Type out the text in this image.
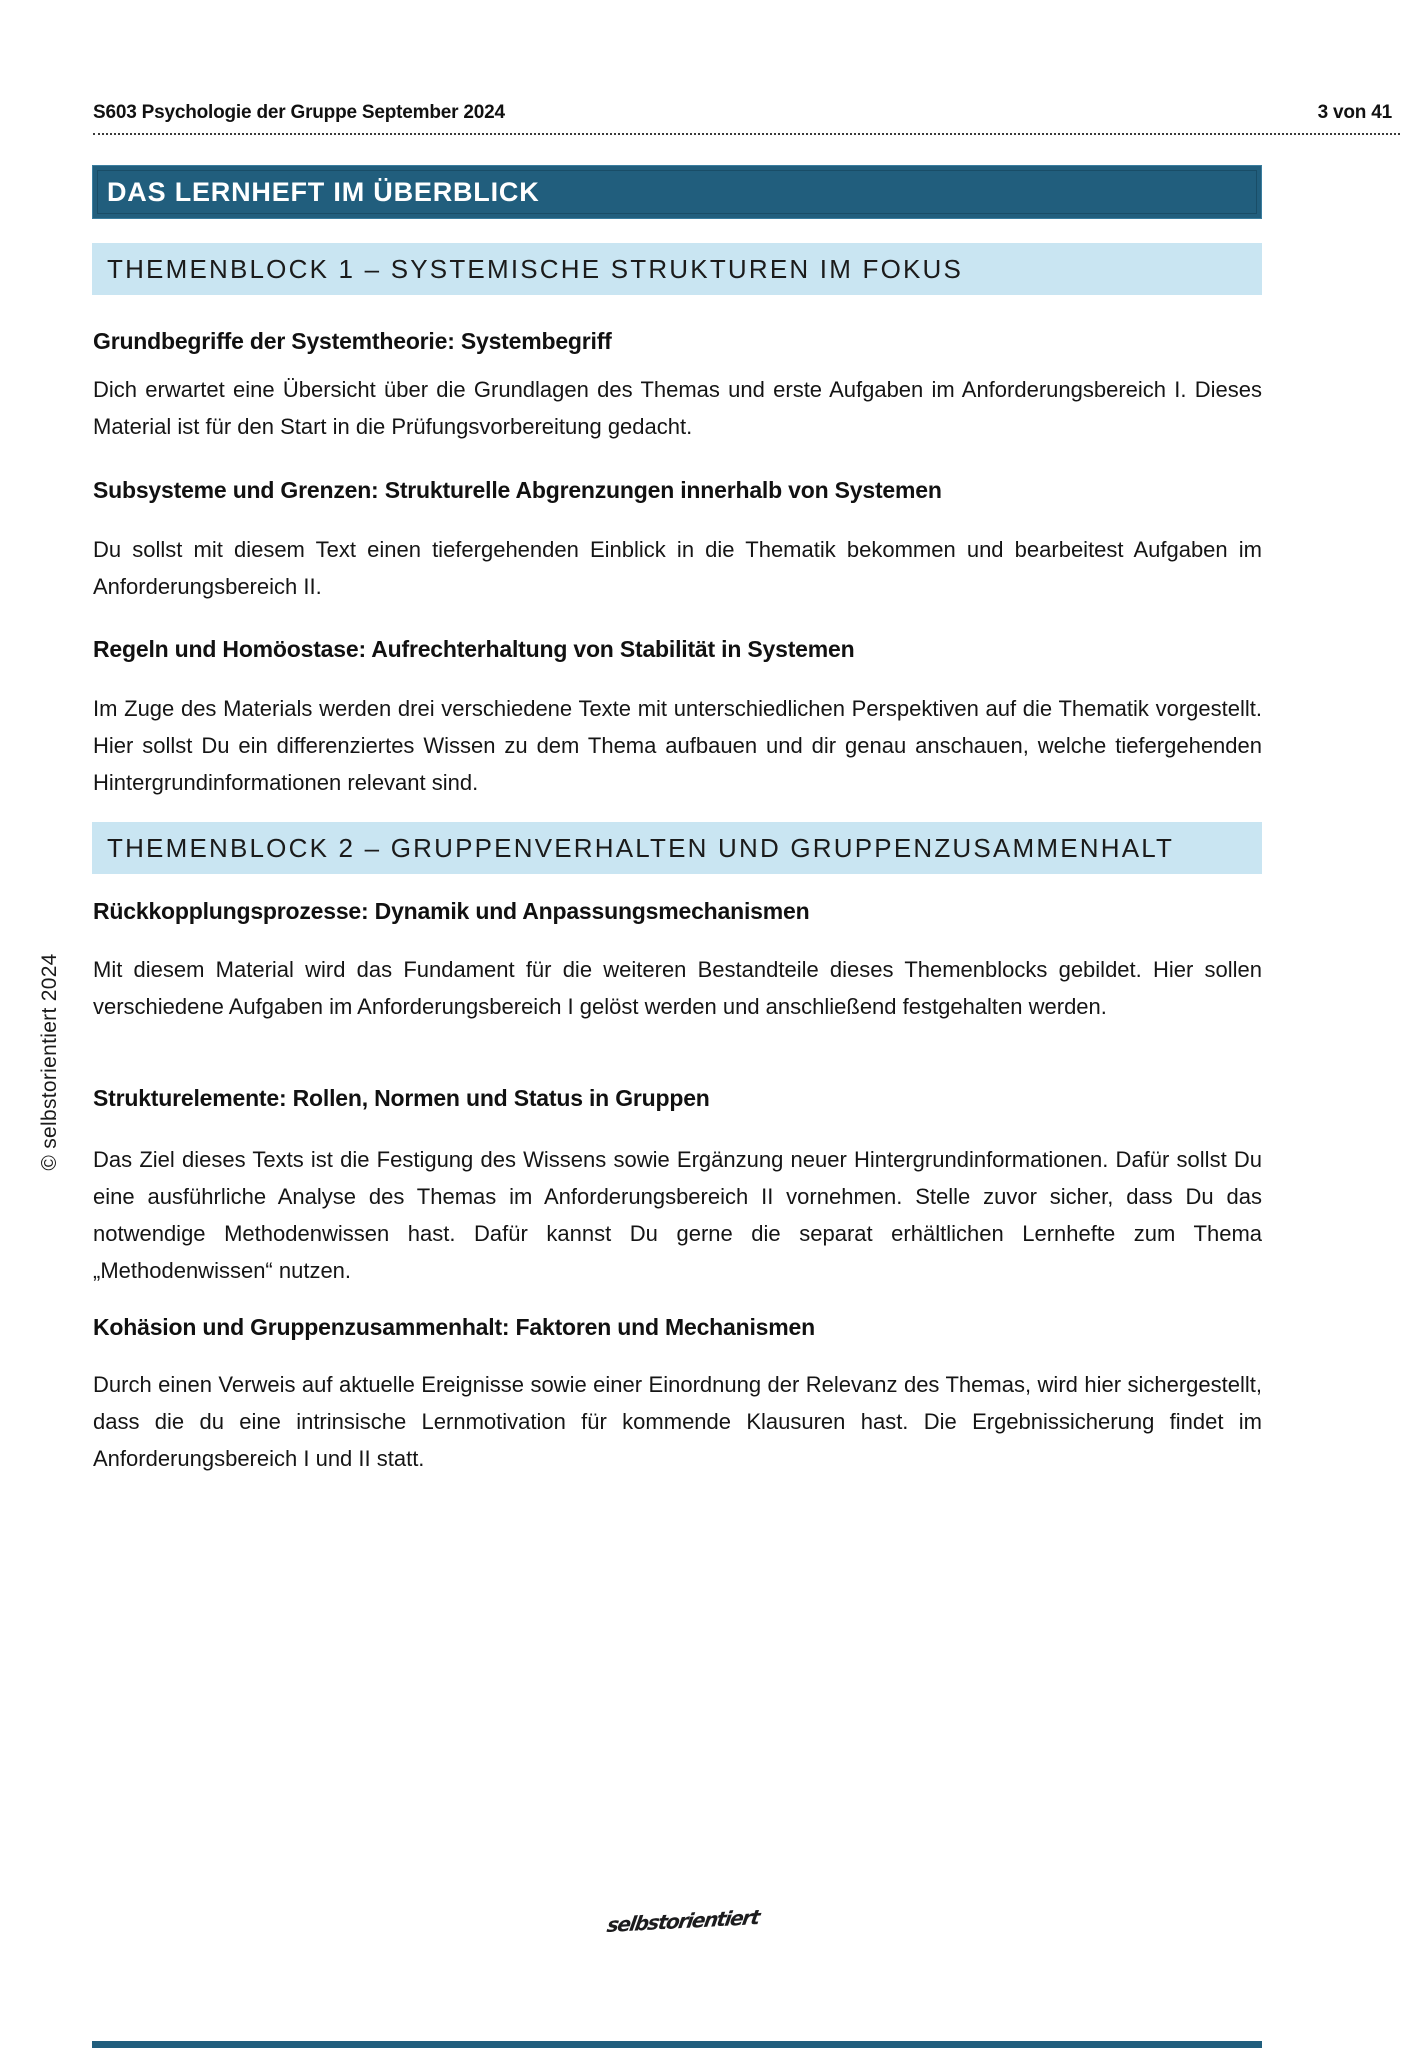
S603 Psychologie der Gruppe September 2024	3 von 41
DAS LERNHEFT IM ÜBERBLICK
THEMENBLOCK 1 – SYSTEMISCHE STRUKTUREN IM FOKUS
Grundbegriffe der Systemtheorie: Systembegriff
Dich erwartet eine Übersicht über die Grundlagen des Themas und erste Aufgaben im Anforderungsbereich I. Dieses Material ist für den Start in die Prüfungsvorbereitung gedacht.
Subsysteme und Grenzen: Strukturelle Abgrenzungen innerhalb von Systemen
Du sollst mit diesem Text einen tiefergehenden Einblick in die Thematik bekommen und bearbeitest Aufgaben im Anforderungsbereich II.
Regeln und Homöostase: Aufrechterhaltung von Stabilität in Systemen
Im Zuge des Materials werden drei verschiedene Texte mit unterschiedlichen Perspektiven auf die Thematik vorgestellt. Hier sollst Du ein differenziertes Wissen zu dem Thema aufbauen und dir genau anschauen, welche tiefergehenden Hintergrundinformationen relevant sind.
THEMENBLOCK 2 – GRUPPENVERHALTEN UND GRUPPENZUSAMMENHALT
Rückkopplungsprozesse: Dynamik und Anpassungsmechanismen
Mit diesem Material wird das Fundament für die weiteren Bestandteile dieses Themenblocks gebildet. Hier sollen verschiedene Aufgaben im Anforderungsbereich I gelöst werden und anschließend festgehalten werden.
Strukturelemente: Rollen, Normen und Status in Gruppen
Das Ziel dieses Texts ist die Festigung des Wissens sowie Ergänzung neuer Hintergrundinformationen. Dafür sollst Du eine ausführliche Analyse des Themas im Anforderungsbereich II vornehmen. Stelle zuvor sicher, dass Du das notwendige Methodenwissen hast. Dafür kannst Du gerne die separat erhältlichen Lernhefte zum Thema „Methodenwissen“ nutzen.
Kohäsion und Gruppenzusammenhalt: Faktoren und Mechanismen
Durch einen Verweis auf aktuelle Ereignisse sowie einer Einordnung der Relevanz des Themas, wird hier sichergestellt, dass die du eine intrinsische Lernmotivation für kommende Klausuren hast. Die Ergebnissicherung findet im Anforderungsbereich I und II statt.
© selbstorientiert 2024
selbstorientiert
